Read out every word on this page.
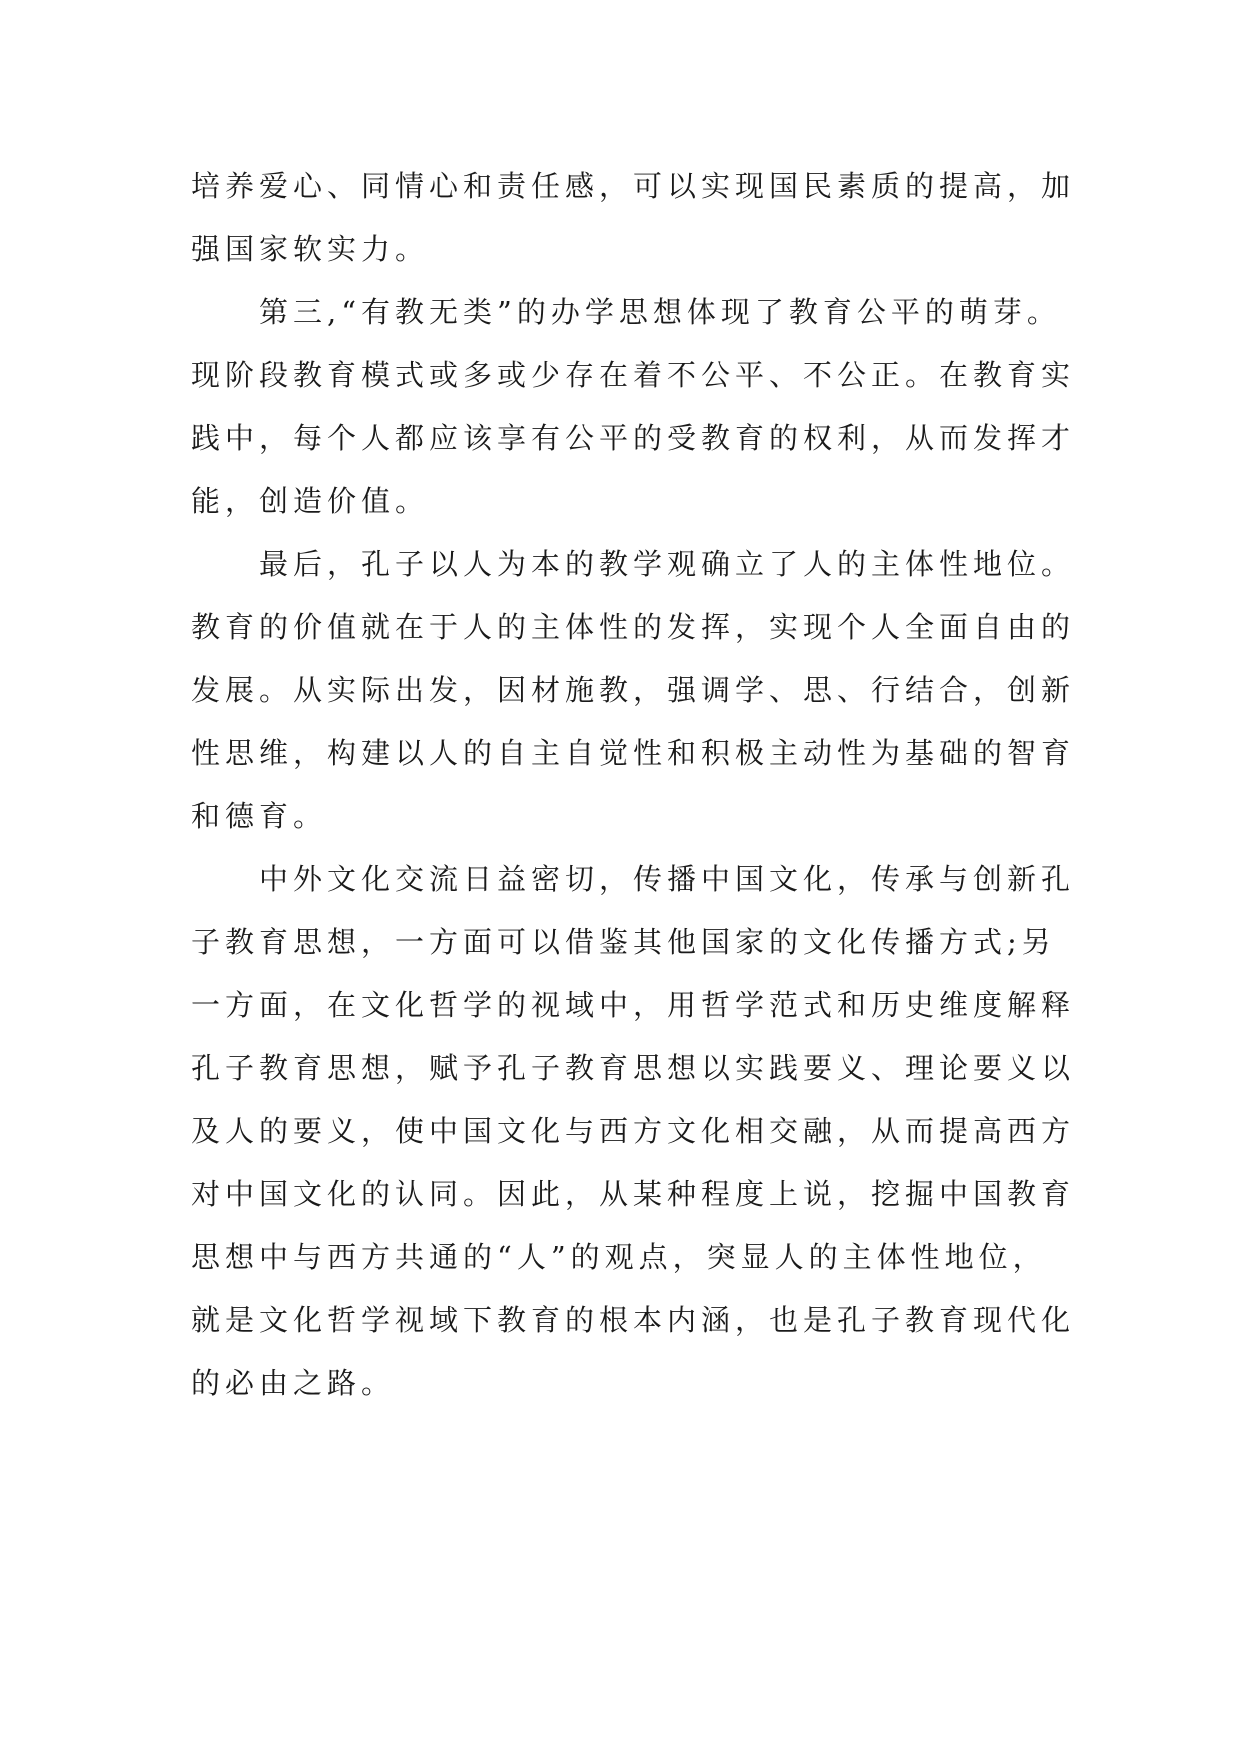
培养爱心、同情心和责任感，可以实现国民素质的提高，加
强国家软实力。
第三,“有教无类”的办学思想体现了教育公平的萌芽。
现阶段教育模式或多或少存在着不公平、不公正。在教育实
践中，每个人都应该享有公平的受教育的权利，从而发挥才
能，创造价值。
最后，孔子以人为本的教学观确立了人的主体性地位。
教育的价值就在于人的主体性的发挥，实现个人全面自由的
发展。从实际出发，因材施教，强调学、思、行结合，创新
性思维，构建以人的自主自觉性和积极主动性为基础的智育
和德育。
中外文化交流日益密切，传播中国文化，传承与创新孔
子教育思想，一方面可以借鉴其他国家的文化传播方式;另
一方面，在文化哲学的视域中，用哲学范式和历史维度解释
孔子教育思想，赋予孔子教育思想以实践要义、理论要义以
及人的要义，使中国文化与西方文化相交融，从而提高西方
对中国文化的认同。因此，从某种程度上说，挖掘中国教育
思想中与西方共通的“人”的观点，突显人的主体性地位，
就是文化哲学视域下教育的根本内涵，也是孔子教育现代化
的必由之路。
